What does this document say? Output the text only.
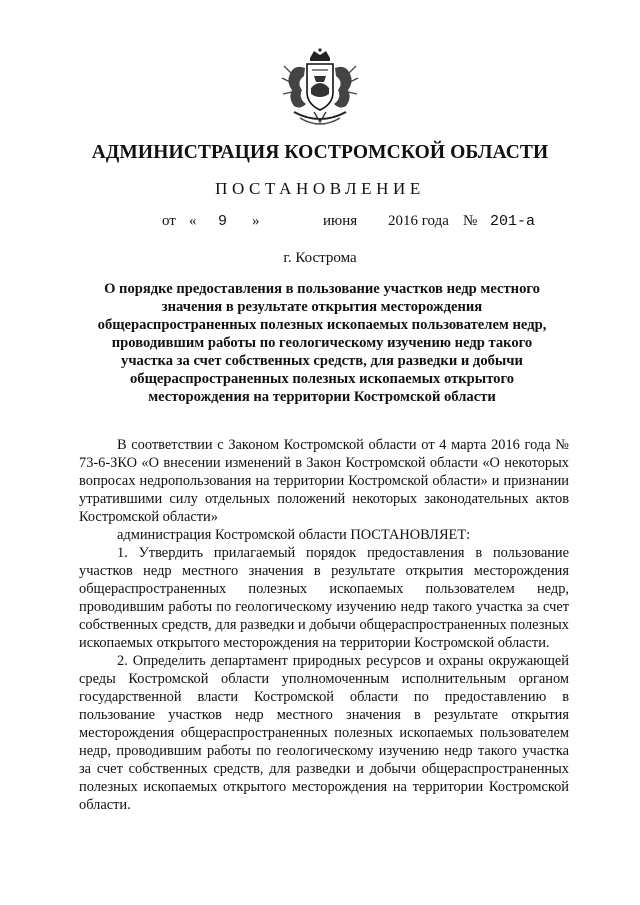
АДМИНИСТРАЦИЯ КОСТРОМСКОЙ ОБЛАСТИ
ПОСТАНОВЛЕНИЕ
от « 9 »	июня 2016 года № 201-а
г. Кострома
О порядке предоставления в пользование участков недр местного значения в результате открытия месторождения общераспространенных полезных ископаемых пользователем недр, проводившим работы по геологическому изучению недр такого участка за счет собственных средств, для разведки и добычи общераспространенных полезных ископаемых открытого месторождения на территории Костромской области

В соответствии с Законом Костромской области от 4 марта 2016 года № 73-6-ЗКО «О внесении изменений в Закон Костромской области «О некоторых вопросах недропользования на территории Костромской области» и признании утратившими силу отдельных положений некоторых законодательных актов Костромской области»

администрация Костромской области ПОСТАНОВЛЯЕТ:

1. Утвердить прилагаемый порядок предоставления в пользование участков недр местного значения в результате открытия месторождения общераспространенных полезных ископаемых пользователем недр, проводившим работы по геологическому изучению недр такого участка за счет собственных средств, для разведки и добычи общераспространенных полезных ископаемых открытого месторождения на территории Костромской области.

2. Определить департамент природных ресурсов и охраны окружающей среды Костромской области уполномоченным исполнительным органом государственной власти Костромской области по предоставлению в пользование участков недр местного значения в результате открытия месторождения общераспространенных полезных ископаемых пользователем недр, проводившим работы по геологическому изучению недр такого участка за счет собственных средств, для разведки и добычи общераспространенных полезных ископаемых открытого месторождения на территории Костромской области.
